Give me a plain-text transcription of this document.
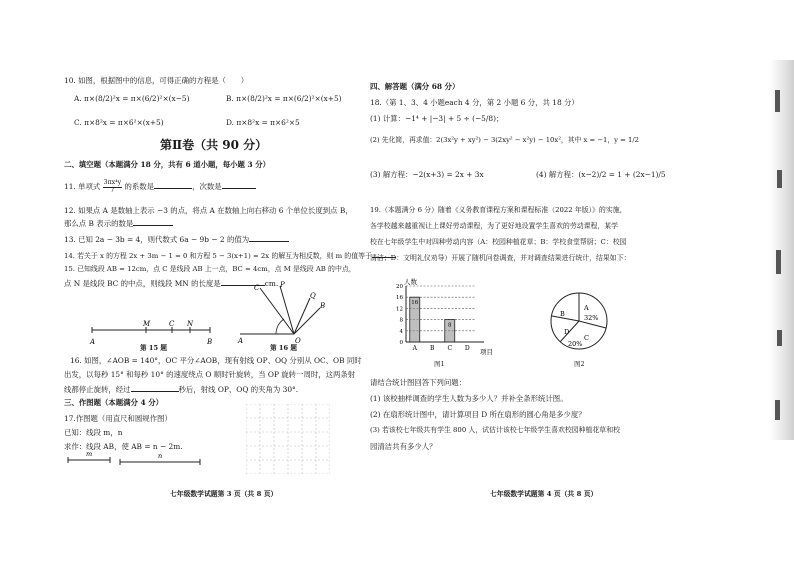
10. 如图，根据图中的信息，可得正确的方程是（　　）
A. π×(8/2)²x = π×(6/2)²×(x−5)	B. π×(8/2)²x = π×(6/2)²×(x+5)
C. π×8²x = π×6²×(x+5)	D. π×8²x = π×6²×5
第Ⅱ卷（共 90 分）
二、填空题（本题满分 18 分，共有 6 道小题，每小题 3 分）
11. 单项式 $\frac{\text{3πx⁴y}}{7}$ 的系数是	，次数是
12. 如果点 A 是数轴上表示 −3 的点，将点 A 在数轴上向右移动 6 个单位长度到点 B，
那么点 B 表示的数是
13. 已知 2a − 3b = 4，则代数式 6a − 9b − 2 的值为
14. 若关于 x 的方程 2x + 3m − 1 = 0 和方程 5 − 3(x+1) = 2x 的解互为相反数，则 m 的值等于
15. 已知线段 AB = 12cm，点 C 是线段 AB 上一点，BC = 4cm，点 M 是线段 AB 的中点，
点 N 是线段 BC 的中点，则线段 MN 的长度是	cm.
A
M	C N
B
第 15 题
C	P
Q
B
A	O
第 16 题
16. 如图，∠AOB = 140°，OC 平分∠AOB，现有射线 OP、OQ 分别从 OC、OB 同时
出发，以每秒 15° 和每秒 10° 的速度绕点 O 顺时针旋转，当 OP 旋转一周时，这两条射
线都停止旋转，经过	秒后，射线 OP、OQ 的夹角为 30°.
三、作图题（本题满分 4 分）
17.作图题（用直尺和圆规作图）
已知：线段 m，n
求作：线段 AB，使 AB = n − 2m.
m	n
七年级数学试题第 3 页（共 8 页）
四、解答题（满分 68 分）
18.（第 1、3、4 小题each 4 分，第 2 小题 6 分，共 18 分）
(1) 计算：−1⁴ + |−3| + 5 ÷ (−5/8)；
(2) 先化简，再求值：2(3x²y + xy²) − 3(2xy² − x²y) − 10x²，其中 x = −1，y = 1/2
(3) 解方程：−2(x+3) = 2x + 3x	(4) 解方程：(x−2)/2 = 1 + (2x−1)/5
19.（本题满分 6 分）随着《义务教育课程方案和课程标准（2022 年版）》的实施，
各学校越来越重视让上课好劳动课程，为了更好地设置学生喜欢的劳动课程，某学
校在七年级学生中对四种劳动内容（A：校园种植花草；B：学校食堂帮厨；C：校园
清洁；D：文明礼仪劝导）开展了随机问卷调查，并对调查结果进行统计，结果如下：
人数
项目
0
4
8
12
16
20
16
8
A B C D
图1
A
32%
C
B
D
20%
图2
请结合统计图回答下列问题：
(1) 该校抽样调查的学生人数为多少人？并补全条形统计图。
(2) 在扇形统计图中，请计算项目 D 所在扇形的圆心角是多少度？
(3) 若该校七年级共有学生 800 人，试估计该校七年级学生喜欢校园种植花草和校
园清洁共有多少人？
七年级数学试题第 4 页（共 8 页）
